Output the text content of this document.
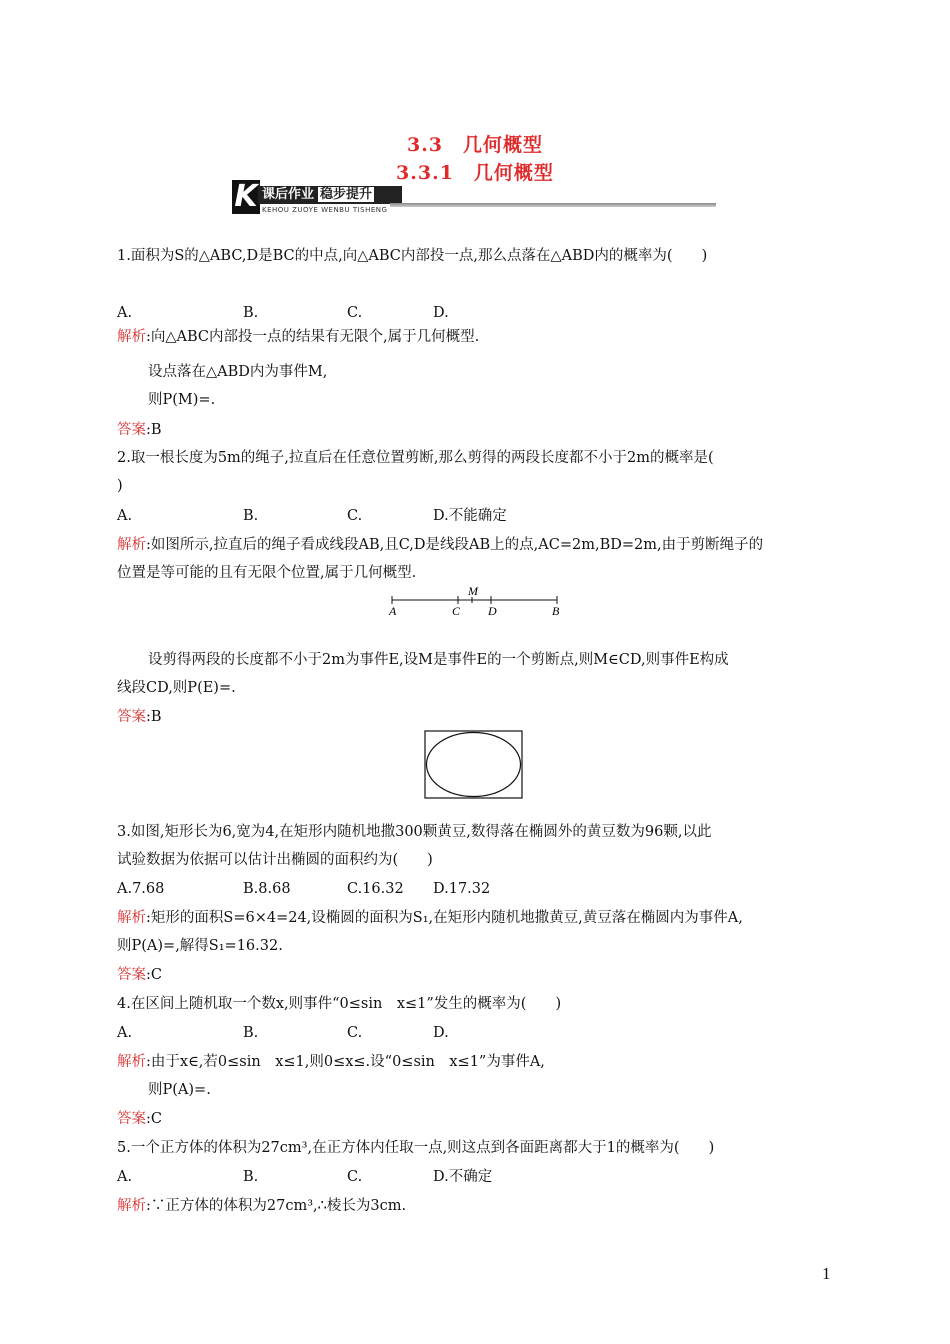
3.3　几何概型
3.3.1　几何概型
K 课后作业 稳步提升
KEHOU ZUOYE WENBU TISHENG
1.面积为S的△ABC,D是BC的中点,向△ABC内部投一点,那么点落在△ABD内的概率为(　　)
A.	B.	C.	D.
解析:向△ABC内部投一点的结果有无限个,属于几何概型.
设点落在△ABD内为事件M,
则P(M)=.
答案:B
2.取一根长度为5m的绳子,拉直后在任意位置剪断,那么剪得的两段长度都不小于2m的概率是(
)
A.	B.	C.	D.不能确定
解析:如图所示,拉直后的绳子看成线段AB,且C,D是线段AB上的点,AC=2m,BD=2m,由于剪断绳子的
位置是等可能的且有无限个位置,属于几何概型.
A	C
M
D	B
设剪得两段的长度都不小于2m为事件E,设M是事件E的一个剪断点,则M∈CD,则事件E构成
线段CD,则P(E)=.
答案:B
3.如图,矩形长为6,宽为4,在矩形内随机地撒300颗黄豆,数得落在椭圆外的黄豆数为96颗,以此
试验数据为依据可以估计出椭圆的面积约为(　　)
A.7.68	B.8.68	C.16.32 D.17.32
解析:矩形的面积S=6×4=24,设椭圆的面积为S₁,在矩形内随机地撒黄豆,黄豆落在椭圆内为事件A,
则P(A)=,解得S₁=16.32.
答案:C
4.在区间上随机取一个数x,则事件“0≤sin　x≤1”发生的概率为(　　)
A.	B.	C.	D.
解析:由于x∈,若0≤sin　x≤1,则0≤x≤.设“0≤sin　x≤1”为事件A,
则P(A)=.
答案:C
5.一个正方体的体积为27cm³,在正方体内任取一点,则这点到各面距离都大于1的概率为(　　)
A.	B.	C.	D.不确定
解析:∵正方体的体积为27cm³,∴棱长为3cm.
1
